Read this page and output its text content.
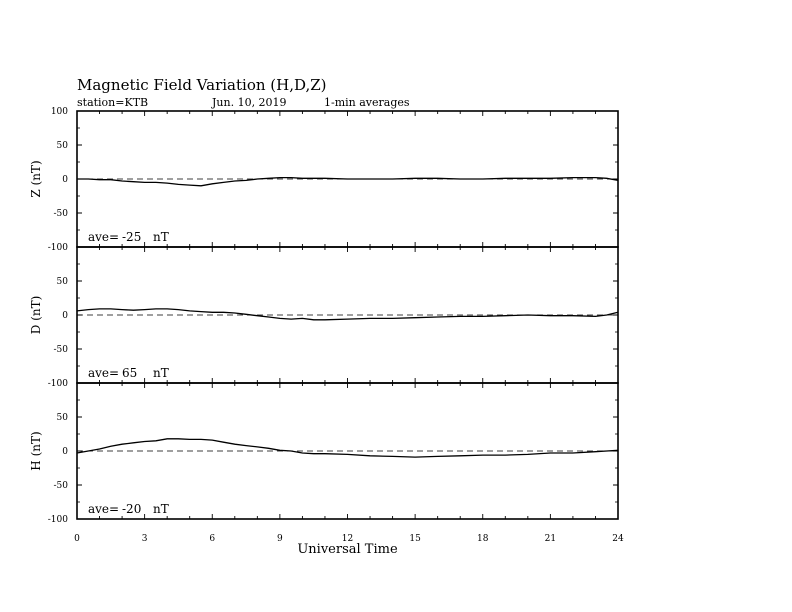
Magnetic Field Variation (H,D,Z)
station=KTB	Jun. 10, 2019	1-min averages
-100
-50
0
50
100
Z (nT)
ave= -25 nT
-100
-50
0
50
D (nT)
ave= 65 nT
-100
-50
0
50
H (nT)
ave= -20 nT
0	3	6	9	12	15	18	21	24
Universal Time
